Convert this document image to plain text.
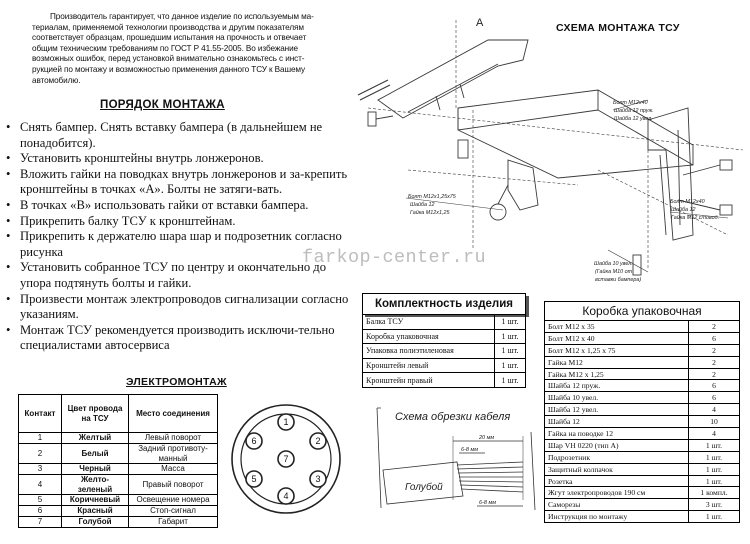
Производитель гарантирует, что данное изделие по используемым ма-
териалам, применяемой технологии производства и другим показателям
соответствует образцам, прошедшим испытания на прочность и отвечает
общим техническим требованиям по ГОСТ Р 41.55-2005. Во избежание
возможных ошибок, перед установкой внимательно ознакомьтесь с инст-
рукцией по монтажу и возможностью применения данного ТСУ к Вашему
автомобилю.
ПОРЯДОК МОНТАЖА
• Снять бампер. Снять вставку бампера (в дальнейшем не понадобится).
• Установить кронштейны внутрь лонжеронов.
• Вложить гайки на поводках внутрь лонжеронов и за-крепить кронштейны в точках «А». Болты не затяги-вать.
• В точках «В» использовать гайки от вставки бампера.
• Прикрепить балку ТСУ к кронштейнам.
• Прикрепить к держателю шара шар и подрозетник согласно рисунка
• Установить собранное ТСУ по центру и окончательно до упора подтянуть болты и гайки.
• Произвести монтаж электропроводов сигнализации согласно указаниям.
• Монтаж ТСУ рекомендуется производить исключи-тельно специалистами автосервиса
СХЕМА МОНТАЖА ТСУ
A
Болт М12х40
Шайба 12 пруж.
Шайба 12 увел.
Болт М12х1,25х75
Шайба 12
Гайка М12х1,25
Болт М12х40
Шайба 12
Гайка М12 с/повод.
Шайба 10 увел.
(Гайка М10 от
вставки бампера)
farkop-center.ru
ЭЛЕКТРОМОНТАЖ
Контакт	Цвет провода на ТСУ	Место соединения
1	Желтый	Левый поворот
2	Белый	Задний противоту-манный
3	Черный	Масса
4	Желто-зеленый	Правый поворот
5	Коричневый	Освещение номера
6	Красный	Стоп-сигнал
7	Голубой	Габарит
1
2
3
4
5
6
7
Комплектность изделия
Балка ТСУ	1 шт.
Коробка упаковочная	1 шт.
Упаковка полиэтиленовая	1 шт.
Кронштейн левый	1 шт.
Кронштейн правый	1 шт.
Коробка упаковочная
Болт М12 х 35	2
Болт М12 х 40	6
Болт М12 х 1,25 х 75	2
Гайка М12	2
Гайка М12 х 1,25	2
Шайба 12 пруж.	6
Шайба 10 увел.	6
Шайба 12 увел.	4
Шайба 12	10
Гайка на поводке 12	4
Шар VH 0220 (тип А)	1 шт.
Подрозетник	1 шт.
Защитный колпачок	1 шт.
Розетка	1 шт.
Жгут электропроводов 190 см	1 компл.
Саморезы	3 шт.
Инструкция по монтажу	1 шт.
Схема обрезки кабеля
20 мм
6-8 мм
6-8 мм
Голубой
